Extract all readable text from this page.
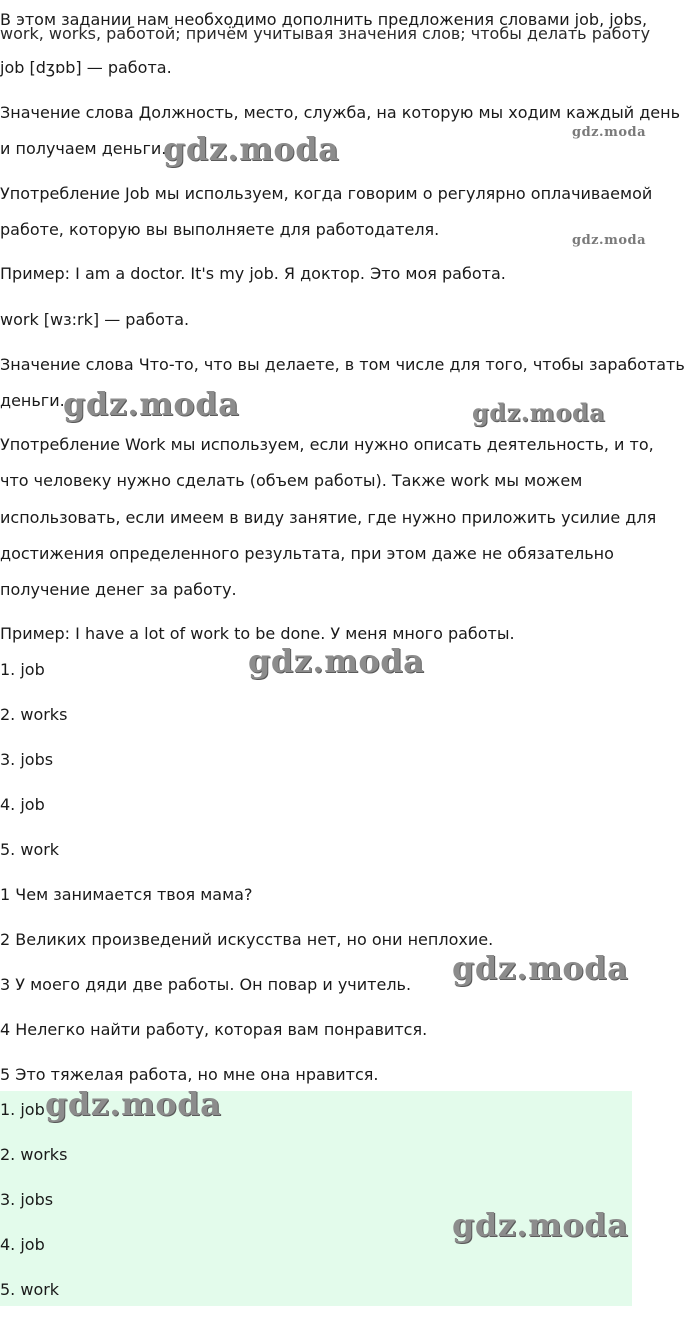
В этом задании нам необходимо дополнить предложения словами job, jobs,

work, works, работой; причём учитывая значения слов; чтобы делать работу

job [dʒɒb] — работа.

Значение слова Должность, место, служба, на которую мы ходим каждый день

и получаем деньги.

Употребление Job мы используем, когда говорим о регулярно оплачиваемой

работе, которую вы выполняете для работодателя.

Пример: I am a doctor. It's my job. Я доктор. Это моя работа.

work [wɜ:rk] — работа.

Значение слова Что-то, что вы делаете, в том числе для того, чтобы заработать

деньги.

Употребление Work мы используем, если нужно описать деятельность, и то,

что человеку нужно сделать (объем работы). Также work мы можем

использовать, если имеем в виду занятие, где нужно приложить усилие для

достижения определенного результата, при этом даже не обязательно

получение денег за работу.

Пример: I have a lot of work to be done. У меня много работы.

1. job

2. works

3. jobs

4. job

5. work

1 Чем занимается твоя мама?

2 Великих произведений искусства нет, но они неплохие.

3 У моего дяди две работы. Он повар и учитель.

4 Нелегко найти работу, которая вам понравится.

5 Это тяжелая работа, но мне она нравится.

1. job

2. works

3. jobs

4. job

5. work

gdz.moda
gdz.moda
gdz.moda
gdz.moda	gdz.moda
gdz.moda
gdz.moda
gdz.moda
gdz.moda
